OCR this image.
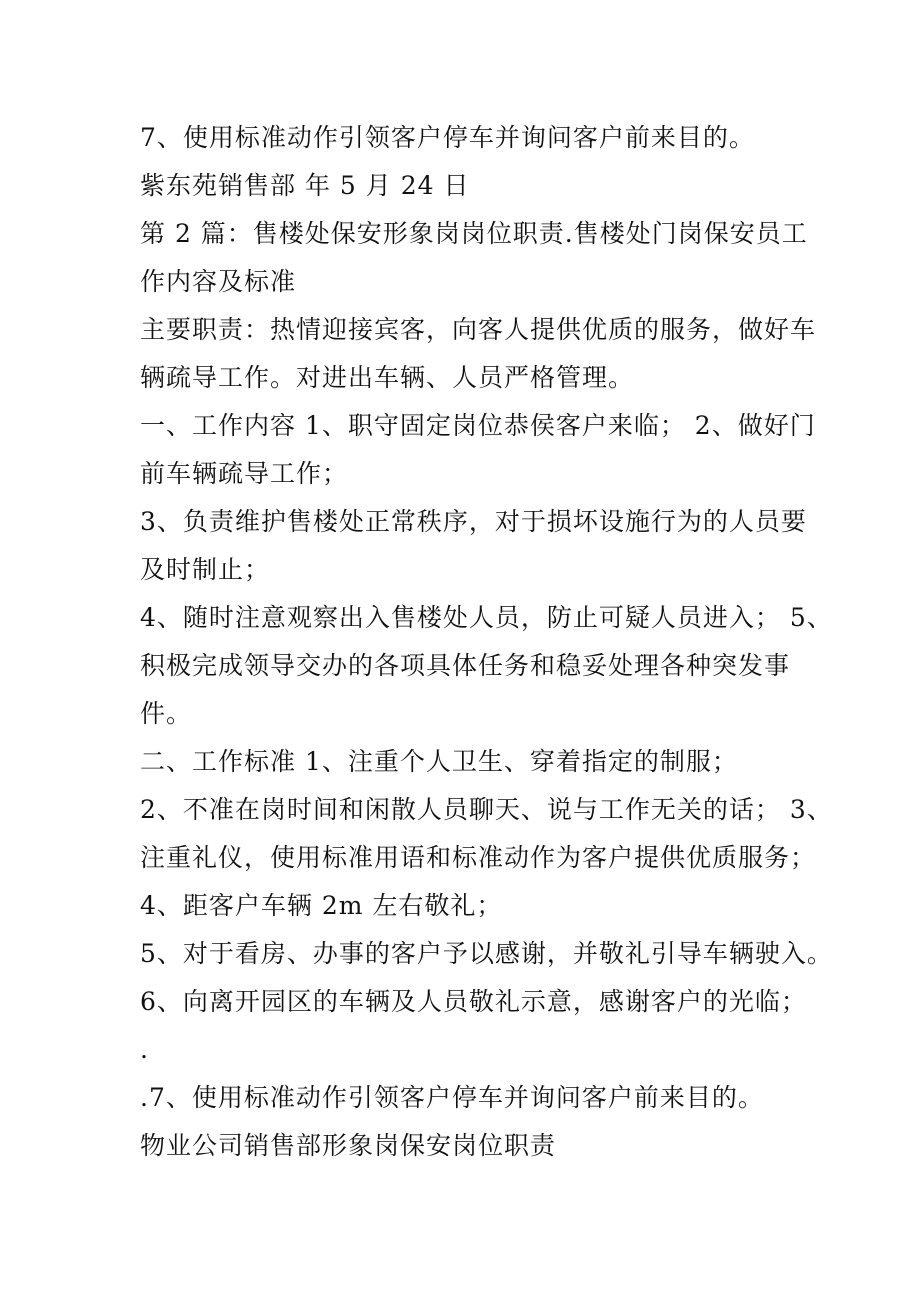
7、使用标准动作引领客户停车并询问客户前来目的。
紫东苑销售部 年 5 月 24 日
第 2 篇：售楼处保安形象岗岗位职责.售楼处门岗保安员工
作内容及标准
主要职责：热情迎接宾客，向客人提供优质的服务，做好车
辆疏导工作。对进出车辆、人员严格管理。
一、工作内容 1、职守固定岗位恭侯客户来临； 2、做好门
前车辆疏导工作；
3、负责维护售楼处正常秩序，对于损坏设施行为的人员要
及时制止；
4、随时注意观察出入售楼处人员，防止可疑人员进入； 5、
积极完成领导交办的各项具体任务和稳妥处理各种突发事
件。
二、工作标准 1、注重个人卫生、穿着指定的制服；
2、不准在岗时间和闲散人员聊天、说与工作无关的话； 3、
注重礼仪，使用标准用语和标准动作为客户提供优质服务；
4、距客户车辆 2m 左右敬礼；
5、对于看房、办事的客户予以感谢，并敬礼引导车辆驶入。
6、向离开园区的车辆及人员敬礼示意，感谢客户的光临；
.
.7、使用标准动作引领客户停车并询问客户前来目的。
物业公司销售部形象岗保安岗位职责
